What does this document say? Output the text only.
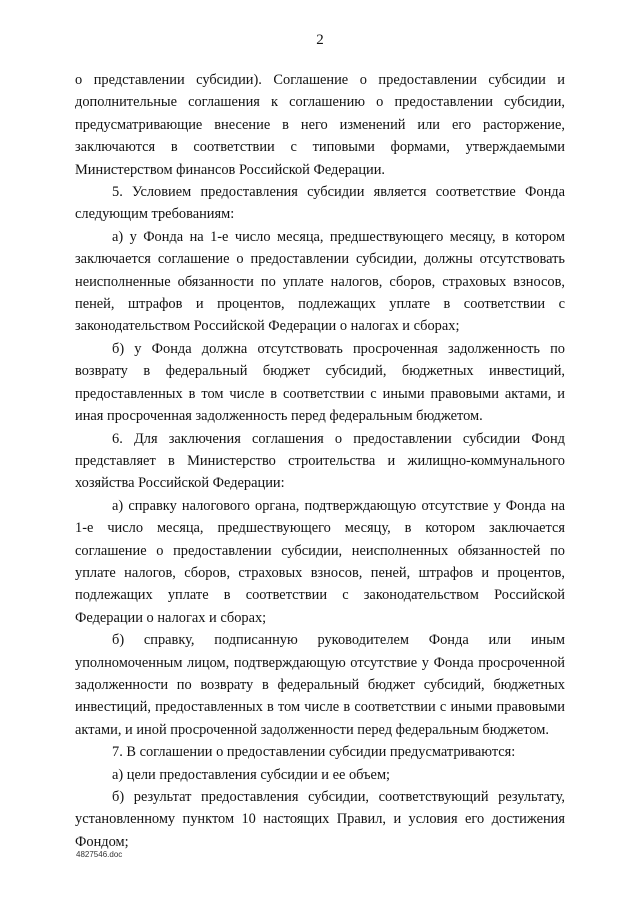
2

о представлении субсидии). Соглашение о предоставлении субсидии и дополнительные соглашения к соглашению о предоставлении субсидии, предусматривающие внесение в него изменений или его расторжение, заключаются в соответствии с типовыми формами, утверждаемыми Министерством финансов Российской Федерации.

5. Условием предоставления субсидии является соответствие Фонда следующим требованиям:

а) у Фонда на 1-е число месяца, предшествующего месяцу, в котором заключается соглашение о предоставлении субсидии, должны отсутствовать неисполненные обязанности по уплате налогов, сборов, страховых взносов, пеней, штрафов и процентов, подлежащих уплате в соответствии с законодательством Российской Федерации о налогах и сборах;

б) у Фонда должна отсутствовать просроченная задолженность по возврату в федеральный бюджет субсидий, бюджетных инвестиций, предоставленных в том числе в соответствии с иными правовыми актами, и иная просроченная задолженность перед федеральным бюджетом.

6. Для заключения соглашения о предоставлении субсидии Фонд представляет в Министерство строительства и жилищно-коммунального хозяйства Российской Федерации:

а) справку налогового органа, подтверждающую отсутствие у Фонда на 1-е число месяца, предшествующего месяцу, в котором заключается соглашение о предоставлении субсидии, неисполненных обязанностей по уплате налогов, сборов, страховых взносов, пеней, штрафов и процентов, подлежащих уплате в соответствии с законодательством Российской Федерации о налогах и сборах;

б) справку, подписанную руководителем Фонда или иным уполномоченным лицом, подтверждающую отсутствие у Фонда просроченной задолженности по возврату в федеральный бюджет субсидий, бюджетных инвестиций, предоставленных в том числе в соответствии с иными правовыми актами, и иной просроченной задолженности перед федеральным бюджетом.

7. В соглашении о предоставлении субсидии предусматриваются:

а) цели предоставления субсидии и ее объем;

б) результат предоставления субсидии, соответствующий результату, установленному пунктом 10 настоящих Правил, и условия его достижения Фондом;

4827546.doc
